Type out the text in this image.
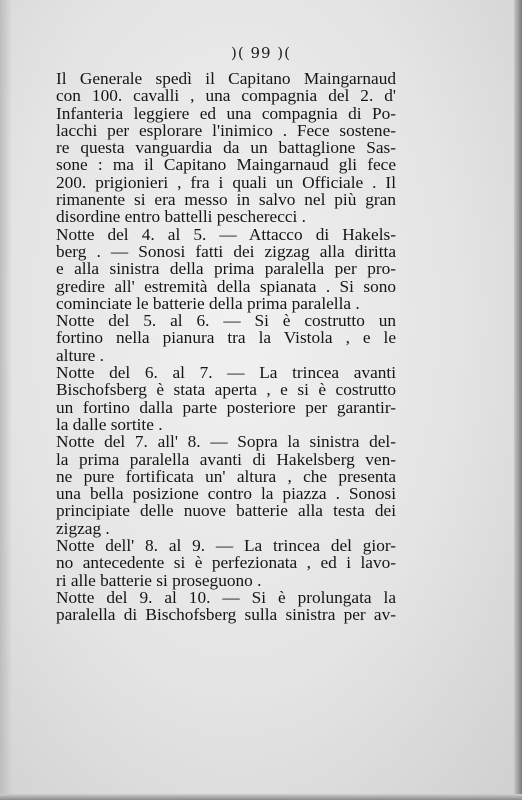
)( 99 )(
Il Generale spedì il Capitano Maingarnaud
con 100. cavalli , una compagnia del 2. d'
Infanteria leggiere ed una compagnia di Po-
lacchi per esplorare l'inimico . Fece sostene-
re questa vanguardia da un battaglione Sas-
sone : ma il Capitano Maingarnaud gli fece
200. prigionieri , fra i quali un Officiale . Il
rimanente si era messo in salvo nel più gran
disordine entro battelli pescherecci .
Notte del 4. al 5. — Attacco di Hakels-
berg . — Sonosi fatti dei zigzag alla diritta
e alla sinistra della prima paralella per pro-
gredire all' estremità della spianata . Si sono
cominciate le batterie della prima paralella .
Notte del 5. al 6. — Si è costrutto un
fortino nella pianura tra la Vistola , e le
alture .
Notte del 6. al 7. — La trincea avanti
Bischofsberg è stata aperta , e si è costrutto
un fortino dalla parte posteriore per garantir-
la dalle sortite .
Notte del 7. all' 8. — Sopra la sinistra del-
la prima paralella avanti di Hakelsberg ven-
ne pure fortificata un' altura , che presenta
una bella posizione contro la piazza . Sonosi
principiate delle nuove batterie alla testa dei
zigzag .
Notte dell' 8. al 9. — La trincea del gior-
no antecedente si è perfezionata , ed i lavo-
ri alle batterie si proseguono .
Notte del 9. al 10. — Si è prolungata la
paralella di Bischofsberg sulla sinistra per av-
